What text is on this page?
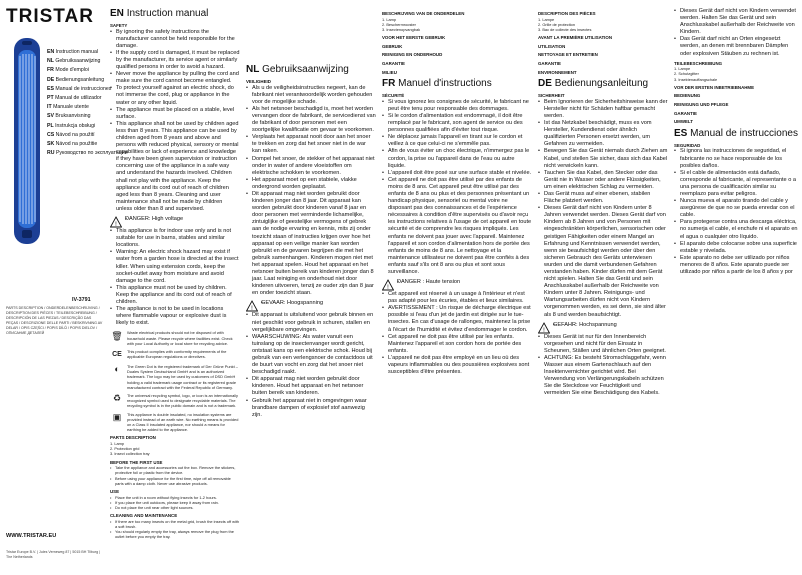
TRISTAR
EN Instruction manual
NL Gebruiksaanwijzing
FR Mode d'emploi
DE Bedienungsanleitung
ES Manual de instrucciones
PT Manual de utilizador
IT Manuale utente
SV Bruksanvisning
PL Instrukcja obsługi
CS Návod na použití
SK Návod na použitie
RU Руководство по эксплуатации
IV-3791
PARTS DESCRIPTION / ONDERDELENBESCHRIJVING / DESCRIPTION DES PIÈCES / TEILEBESCHREIBUNG / DESCRIPCIÓN DE LAS PIEZAS / DESCRIÇÃO DAS PEÇAS / DESCRIZIONE DELLE PARTI / BESKRIVNING AV DELAR / OPIS CZĘŚCI / POPIS DÍLŮ / POPIS DIELOV / ОПИСАНИЕ ДЕТАЛЕЙ
WWW.TRISTAR.EU
Tristar Europe B.V. | Jules Verneweg 87 | 5015 BH Tilburg | The Netherlands
EN Instruction manual
SAFETY
• By ignoring the safety instructions the manufacturer cannot be held responsible for the damage.
• If the supply cord is damaged, it must be replaced by the manufacturer, its service agent or similarly qualified persons in order to avoid a hazard.
• Never move the appliance by pulling the cord and make sure the cord cannot become entangled.
• To protect yourself against an electric shock, do not immerse the cord, plug or appliance in the water or any other liquid.
• The appliance must be placed on a stable, level surface.
• This appliance shall not be used by children aged less than 8 years. This appliance can be used by children aged from 8 years and above and persons with reduced physical, sensory or mental capabilities or lack of experience and knowledge if they have been given supervision or instruction concerning use of the appliance in a safe way and understand the hazards involved. Children shall not play with the appliance. Keep the appliance and its cord out of reach of children aged less than 8 years. Cleaning and user maintenance shall not be made by children unless older than 8 and supervised.
!
• DANGER: High voltage
• This appliance is for indoor use only and is not suitable for use in barns, stables and similar locations.
• Warning: An electric shock hazard may exist if water from a garden hose is directed at the insect killer. When using extension cords, keep the socket-outlet away from moisture and avoid damage to the cord.
• This appliance must not be used by children. Keep the appliance and its cord out of reach of children.
• The appliance is not to be used in locations where flammable vapour or explosive dust is likely to exist.
🗑	Waste electrical products should not be disposed of with household waste. Please recycle where facilities exist. Check with your Local Authority or local store for recycling advice.
CE	This product complies with conformity requirements of the applicable European regulations or directives.
◐	The Green Dot is the registered trademark of Der Grüne Punkt – Duales System Deutschland GmbH and is an authorized trademark. The logo may be used by customers of DSD GmbH holding a valid trademark usage contract or its registered grade manufactured contract with the Federal Republic of Germany.
♻	The universal recycling symbol, logo, or icon is an internationally recognized symbol used to designate recyclable materials. The recycling symbol is in the public domain and is not a trademark.
▣	This appliance is double insulated, no insulation systems are provided instead of an earth wire. No earthing means is provided on a Class II insulated appliance, nor should a means for earthing be added to the appliance.
PARTS DESCRIPTION
1. Lamp
2. Protection grid
3. Insect collection tray
BEFORE THE FIRST USE
• Take the appliance and accessories out the box. Remove the stickers, protective foil or plastic from the device.
• Before using your appliance for the first time, wipe off all removable parts with a damp cloth. Never use abrasive products.
USE
• Place the unit in a room without flying insects for 1-2 hours.
• If you place the unit outdoors, please keep it away from rain.
• Do not place the unit near other light sources.
CLEANING AND MAINTENANCE
• If there are too many insects on the metal grid, brush the insects off with a soft brush.
• You should regularly empty the tray, always remove the plug from the outlet before you empty the tray.
NL Gebruiksaanwijzing
VEILIGHEID
• Als u de veiligheidsinstructies negeert, kan de fabrikant niet verantwoordelijk worden gehouden voor de mogelijke schade.
• Als het netsnoer beschadigd is, moet het worden vervangen door de fabrikant, de servicedienst van de fabrikant of door personen met een soortgelijke kwalificatie om gevaar te voorkomen.
• Verplaats het apparaat nooit door aan het snoer te trekken en zorg dat het snoer niet in de war kan raken.
• Dompel het snoer, de stekker of het apparaat niet onder in water of andere vloeistoffen om elektrische schokken te voorkomen.
• Het apparaat moet op een stabiele, vlakke ondergrond worden geplaatst.
• Dit apparaat mag niet worden gebruikt door kinderen jonger dan 8 jaar. Dit apparaat kan worden gebruikt door kinderen vanaf 8 jaar en door personen met verminderde lichamelijke, zintuiglijke of geestelijke vermogens of gebrek aan de nodige ervaring en kennis, mits zij onder toezicht staan of instructies krijgen over hoe het apparaat op een veilige manier kan worden gebruikt en de gevaren begrijpen die met het gebruik samenhangen. Kinderen mogen niet met het apparaat spelen. Houd het apparaat en het netsnoer buiten bereik van kinderen jonger dan 8 jaar. Laat reiniging en onderhoud niet door kinderen uitvoeren, tenzij ze ouder zijn dan 8 jaar en onder toezicht staan.
!
• GEVAAR: Hoogspanning
• Dit apparaat is uitsluitend voor gebruik binnen en niet geschikt voor gebruik in schuren, stallen en vergelijkbare omgevingen.
• WAARSCHUWING: Als water vanuit een tuinslang op de insectenvanger wordt gericht, ontstaat kans op een elektrische schok. Houd bij gebruik van een verlengsnoer de contactdoos uit de buurt van vocht en zorg dat het snoer niet beschadigd raakt.
• Dit apparaat mag niet worden gebruikt door kinderen. Houd het apparaat en het netsnoer buiten bereik van kinderen.
• Gebruik het apparaat niet in omgevingen waar brandbare dampen of explosief stof aanwezig zijn.
BESCHRIJVING VAN DE ONDERDELEN
1. Lamp
2. Beschermrooster
3. Insectenopvangbak
VOOR HET EERSTE GEBRUIK
GEBRUIK
REINIGING EN ONDERHOUD
GARANTIE
MILIEU
FR Manuel d'instructions
SÉCURITÉ
• Si vous ignorez les consignes de sécurité, le fabricant ne peut être tenu pour responsable des dommages.
• Si le cordon d'alimentation est endommagé, il doit être remplacé par le fabricant, son agent de service ou des personnes qualifiées afin d'éviter tout risque.
• Ne déplacez jamais l'appareil en tirant sur le cordon et veillez à ce que celui-ci ne s'emmêle pas.
• Afin de vous éviter un choc électrique, n'immergez pas le cordon, la prise ou l'appareil dans de l'eau ou autre liquide.
• L'appareil doit être posé sur une surface stable et nivelée.
• Cet appareil ne doit pas être utilisé par des enfants de moins de 8 ans. Cet appareil peut être utilisé par des enfants de 8 ans ou plus et des personnes présentant un handicap physique, sensoriel ou mental voire ne disposant pas des connaissances et de l'expérience nécessaires à condition d'être supervisés ou d'avoir reçu les instructions relatives à l'usage de cet appareil en toute sécurité et de comprendre les risques impliqués. Les enfants ne doivent pas jouer avec l'appareil. Maintenez l'appareil et son cordon d'alimentation hors de portée des enfants de moins de 8 ans. Le nettoyage et la maintenance utilisateur ne doivent pas être confiés à des enfants sauf s'ils ont 8 ans ou plus et sont sous surveillance.
!
• DANGER : Haute tension
• Cet appareil est réservé à un usage à l'intérieur et n'est pas adapté pour les écuries, étables et lieux similaires.
• AVERTISSEMENT : Un risque de décharge électrique est possible si l'eau d'un jet de jardin est dirigée sur le tue-insectes. En cas d'usage de rallonges, maintenez la prise à l'écart de l'humidité et évitez d'endommager le cordon.
• Cet appareil ne doit pas être utilisé par les enfants. Maintenez l'appareil et son cordon hors de portée des enfants.
• L'appareil ne doit pas être employé en un lieu où des vapeurs inflammables ou des poussières explosives sont susceptibles d'être présentes.
DESCRIPTION DES PIÈCES
1. Lampe
2. Grille de protection
3. Bac de collecte des insectes
AVANT LA PREMIÈRE UTILISATION
UTILISATION
NETTOYAGE ET ENTRETIEN
GARANTIE
ENVIRONNEMENT
DE Bedienungsanleitung
SICHERHEIT
• Beim Ignorieren der Sicherheitshinweise kann der Hersteller nicht für Schäden haftbar gemacht werden.
• Ist das Netzkabel beschädigt, muss es vom Hersteller, Kundendienst oder ähnlich qualifizierten Personen ersetzt werden, um Gefahren zu vermeiden.
• Bewegen Sie das Gerät niemals durch Ziehen am Kabel, und stellen Sie sicher, dass sich das Kabel nicht verwickeln kann.
• Tauchen Sie das Kabel, den Stecker oder das Gerät nie in Wasser oder andere Flüssigkeiten, um einen elektrischen Schlag zu vermeiden.
• Das Gerät muss auf einer ebenen, stabilen Fläche platziert werden.
• Dieses Gerät darf nicht von Kindern unter 8 Jahren verwendet werden. Dieses Gerät darf von Kindern ab 8 Jahren und von Personen mit eingeschränkten körperlichen, sensorischen oder geistigen Fähigkeiten oder einem Mangel an Erfahrung und Kenntnissen verwendet werden, wenn sie beaufsichtigt werden oder über den sicheren Gebrauch des Geräts unterwiesen wurden und die damit verbundenen Gefahren verstanden haben. Kinder dürfen mit dem Gerät nicht spielen. Halten Sie das Gerät und sein Anschlusskabel außerhalb der Reichweite von Kindern unter 8 Jahren. Reinigungs- und Wartungsarbeiten dürfen nicht von Kindern vorgenommen werden, es sei denn, sie sind älter als 8 und werden beaufsichtigt.
!
• GEFAHR: Hochspannung
• Dieses Gerät ist nur für den Innenbereich vorgesehen und nicht für den Einsatz in Scheunen, Ställen und ähnlichen Orten geeignet.
• ACHTUNG: Es besteht Stromschlaggefahr, wenn Wasser aus einem Gartenschlauch auf den Insektenvernichter gerichtet wird. Bei Verwendung von Verlängerungskabeln schützen Sie die Steckdose vor Feuchtigkeit und vermeiden Sie eine Beschädigung des Kabels.
• Dieses Gerät darf nicht von Kindern verwendet werden. Halten Sie das Gerät und sein Anschlusskabel außerhalb der Reichweite von Kindern.
• Das Gerät darf nicht an Orten eingesetzt werden, an denen mit brennbaren Dämpfen oder explosiven Stäuben zu rechnen ist.
TEILEBESCHREIBUNG
1. Lampe
2. Schutzgitter
3. Insektenauffangschale
VOR DER ERSTEN INBETRIEBNAHME
BEDIENUNG
REINIGUNG UND PFLEGE
GARANTIE
UMWELT
ES Manual de instrucciones
SEGURIDAD
• Si ignora las instrucciones de seguridad, el fabricante no se hace responsable de los posibles daños.
• Si el cable de alimentación está dañado, corresponde al fabricante, al representante o a una persona de cualificación similar su reemplazo para evitar peligros.
• Nunca mueva el aparato tirando del cable y asegúrese de que no se pueda enredar con el cable.
• Para protegerse contra una descarga eléctrica, no sumerja el cable, el enchufe ni el aparato en el agua o cualquier otro líquido.
• El aparato debe colocarse sobre una superficie estable y nivelada.
• Este aparato no debe ser utilizado por niños menores de 8 años. Este aparato puede ser utilizado por niños a partir de los 8 años y por
